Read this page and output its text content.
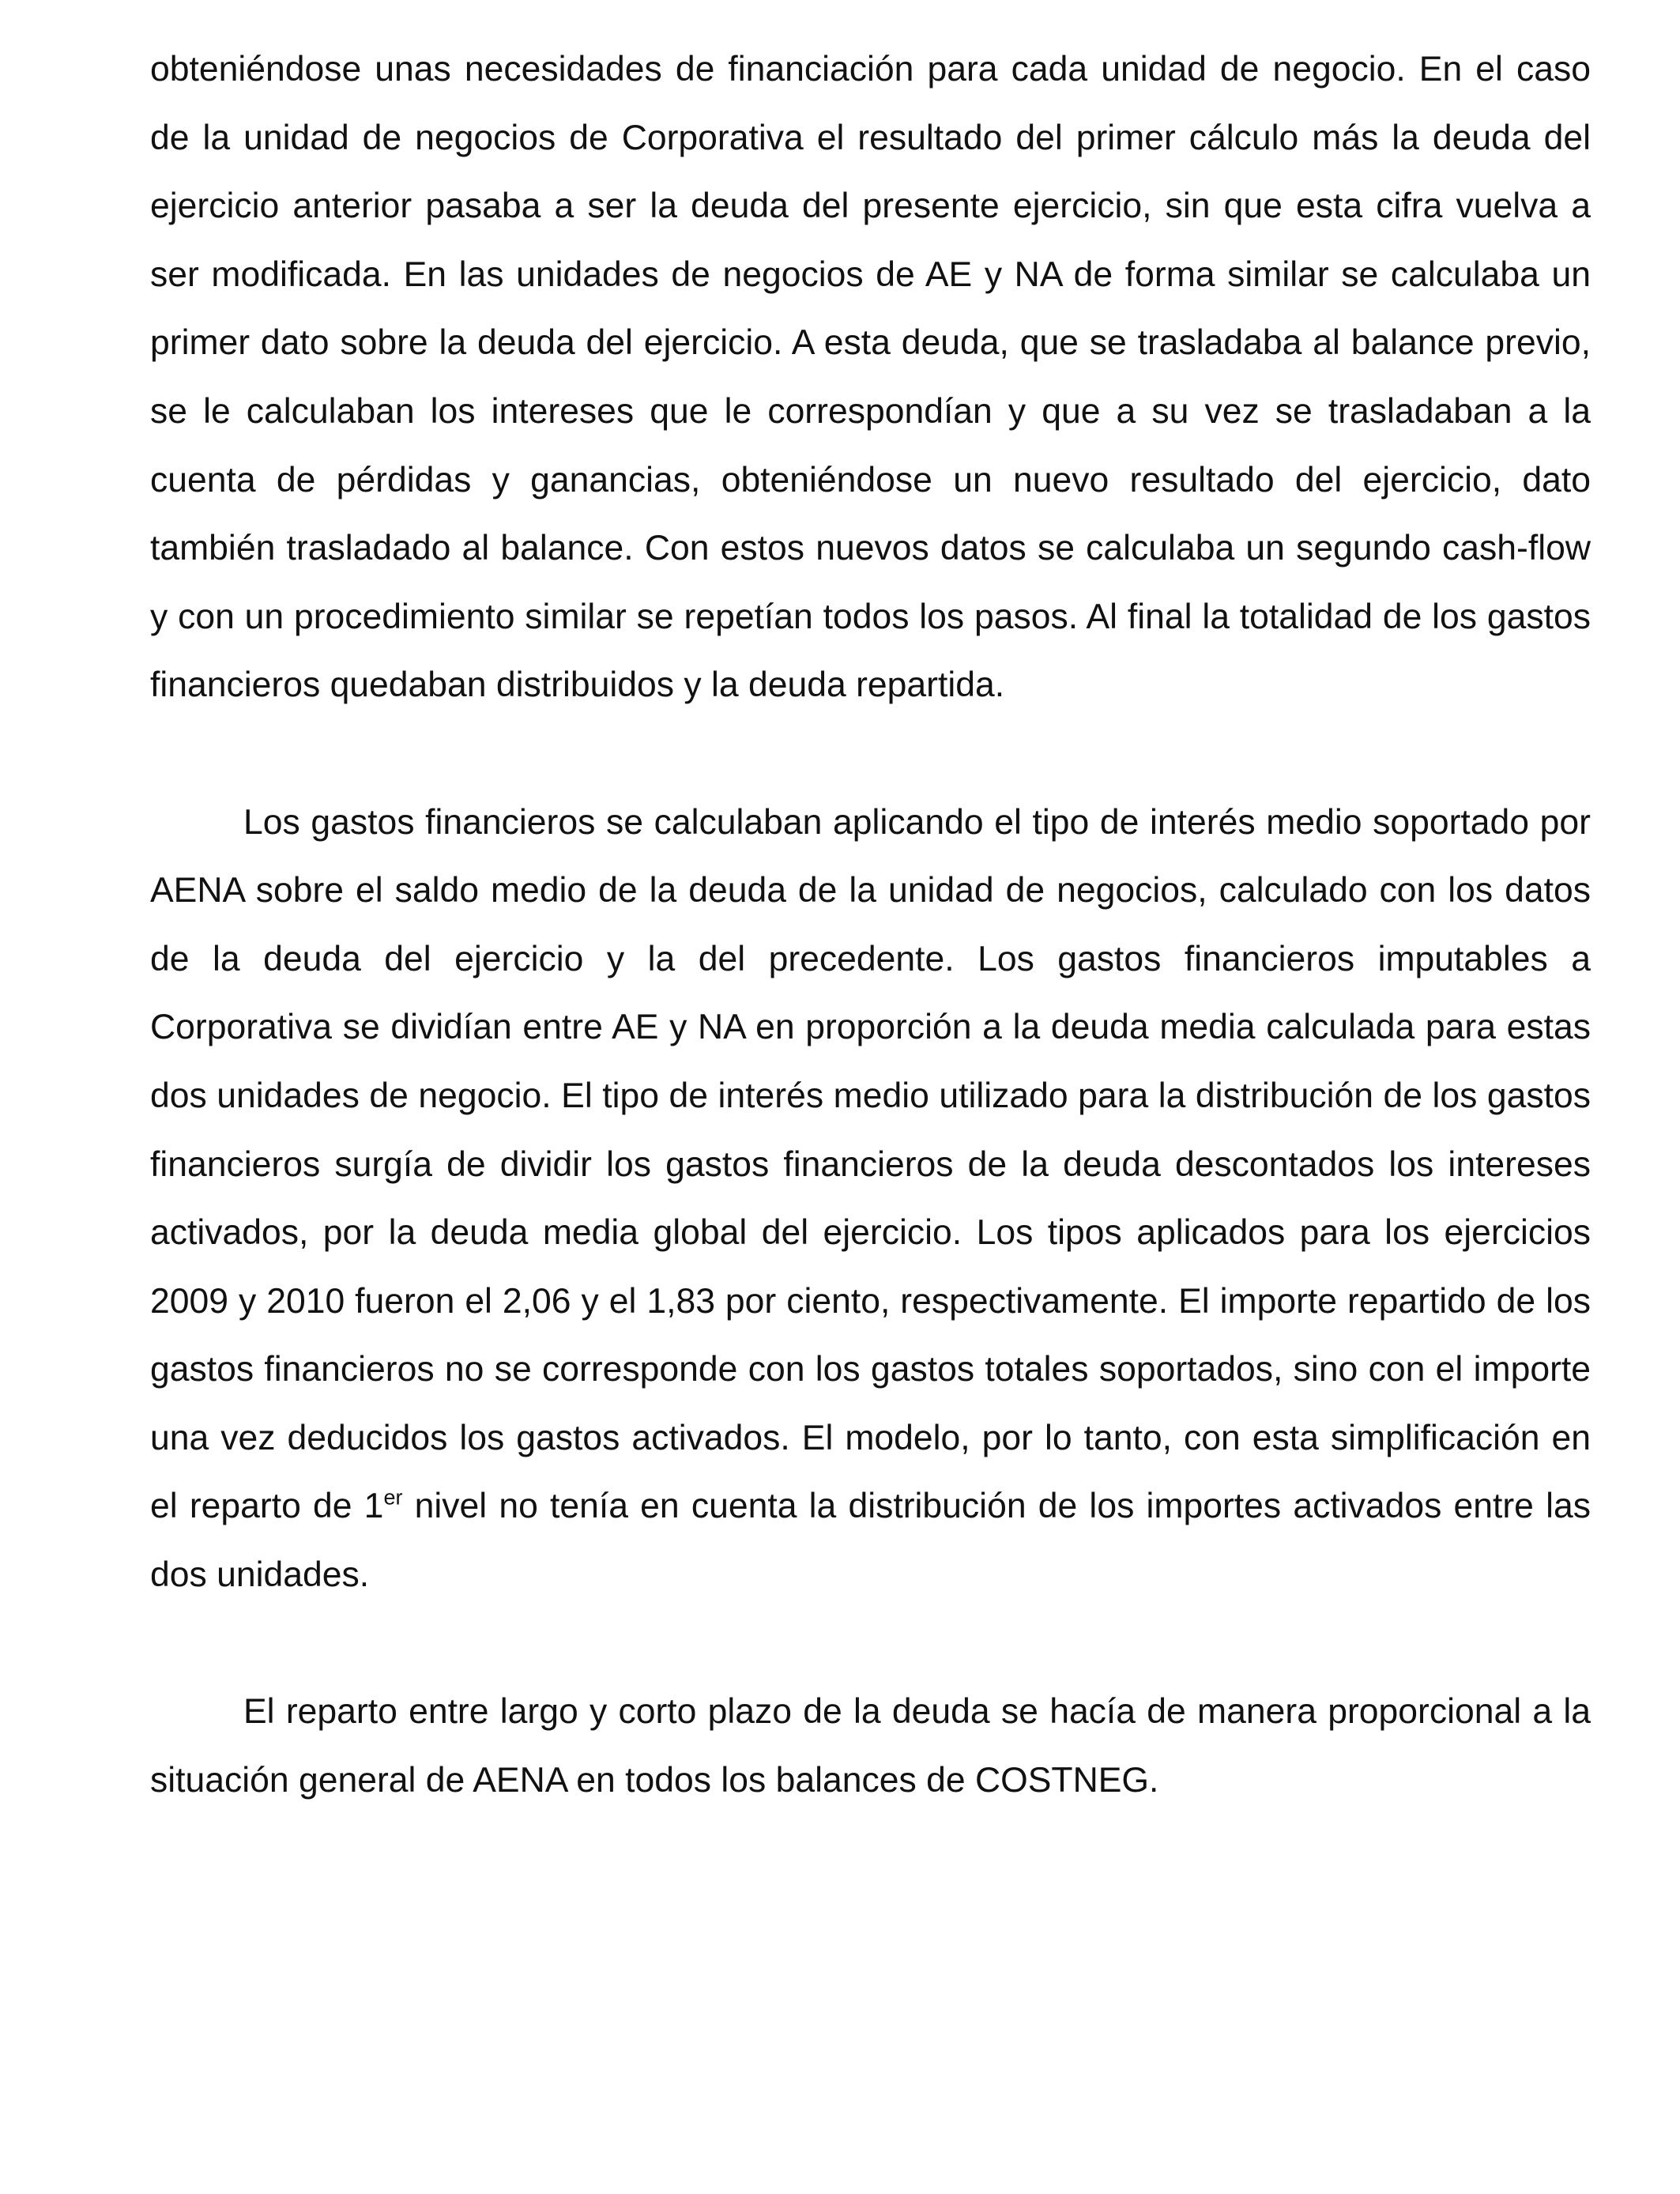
obteniéndose unas necesidades de financiación para cada unidad de negocio. En el caso de la unidad de negocios de Corporativa el resultado del primer cálculo más la deuda del ejercicio anterior pasaba a ser la deuda del presente ejercicio, sin que esta cifra vuelva a ser modificada. En las unidades de negocios de AE y NA de forma similar se calculaba un primer dato sobre la deuda del ejercicio. A esta deuda, que se trasladaba al balance previo, se le calculaban los intereses que le correspondían y que a su vez se trasladaban a la cuenta de pérdidas y ganancias, obteniéndose un nuevo resultado del ejercicio, dato también trasladado al balance. Con estos nuevos datos se calculaba un segundo cash-flow y con un procedimiento similar se repetían todos los pasos. Al final la totalidad de los gastos financieros quedaban distribuidos y la deuda repartida.

Los gastos financieros se calculaban aplicando el tipo de interés medio soportado por AENA sobre el saldo medio de la deuda de la unidad de negocios, calculado con los datos de la deuda del ejercicio y la del precedente. Los gastos financieros imputables a Corporativa se dividían entre AE y NA en proporción a la deuda media calculada para estas dos unidades de negocio. El tipo de interés medio utilizado para la distribución de los gastos financieros surgía de dividir los gastos financieros de la deuda descontados los intereses activados, por la deuda media global del ejercicio. Los tipos aplicados para los ejercicios 2009 y 2010 fueron el 2,06 y el 1,83 por ciento, respectivamente. El importe repartido de los gastos financieros no se corresponde con los gastos totales soportados, sino con el importe una vez deducidos los gastos activados. El modelo, por lo tanto, con esta simplificación en el reparto de 1er nivel no tenía en cuenta la distribución de los importes activados entre las dos unidades.

El reparto entre largo y corto plazo de la deuda se hacía de manera proporcional a la situación general de AENA en todos los balances de COSTNEG.
